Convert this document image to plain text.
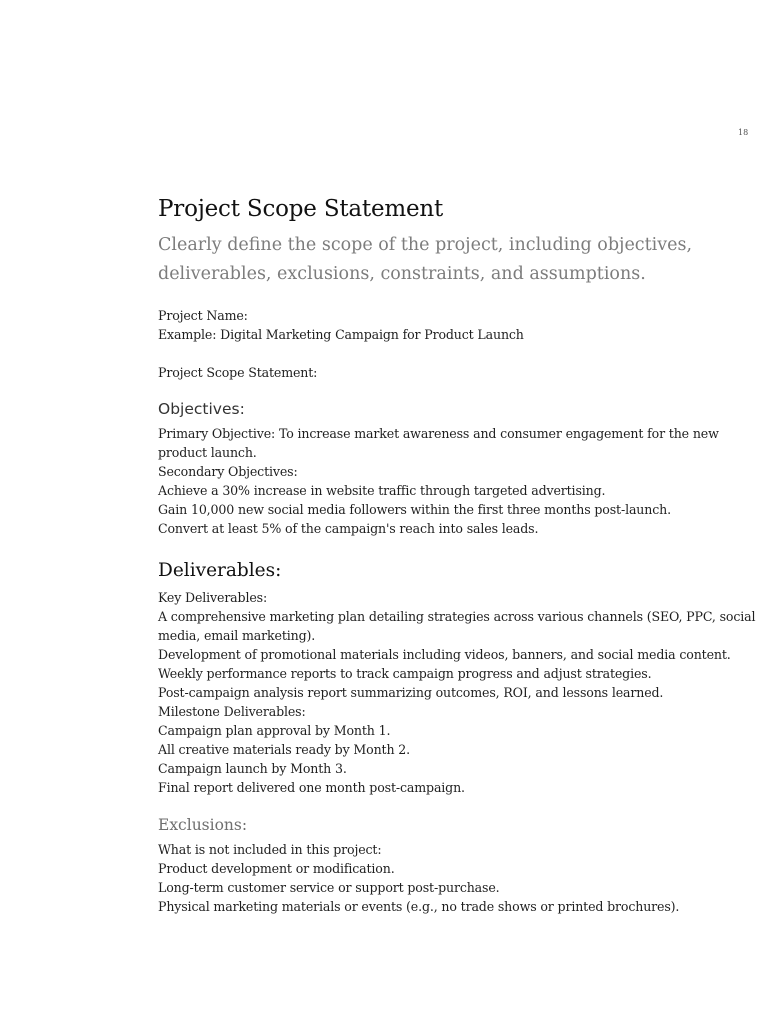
18
Project Scope Statement

Clearly define the scope of the project, including objectives, deliverables, exclusions, constraints, and assumptions.

Project Name:
Example: Digital Marketing Campaign for Product Launch

Project Scope Statement:

Objectives:

Primary Objective: To increase market awareness and consumer engagement for the new product launch.
Secondary Objectives:
Achieve a 30% increase in website traffic through targeted advertising.
Gain 10,000 new social media followers within the first three months post-launch.
Convert at least 5% of the campaign's reach into sales leads.

Deliverables:

Key Deliverables:
A comprehensive marketing plan detailing strategies across various channels (SEO, PPC, social media, email marketing).
Development of promotional materials including videos, banners, and social media content.
Weekly performance reports to track campaign progress and adjust strategies.
Post-campaign analysis report summarizing outcomes, ROI, and lessons learned.
Milestone Deliverables:
Campaign plan approval by Month 1.
All creative materials ready by Month 2.
Campaign launch by Month 3.
Final report delivered one month post-campaign.

Exclusions:

What is not included in this project:
Product development or modification.
Long-term customer service or support post-purchase.
Physical marketing materials or events (e.g., no trade shows or printed brochures).
